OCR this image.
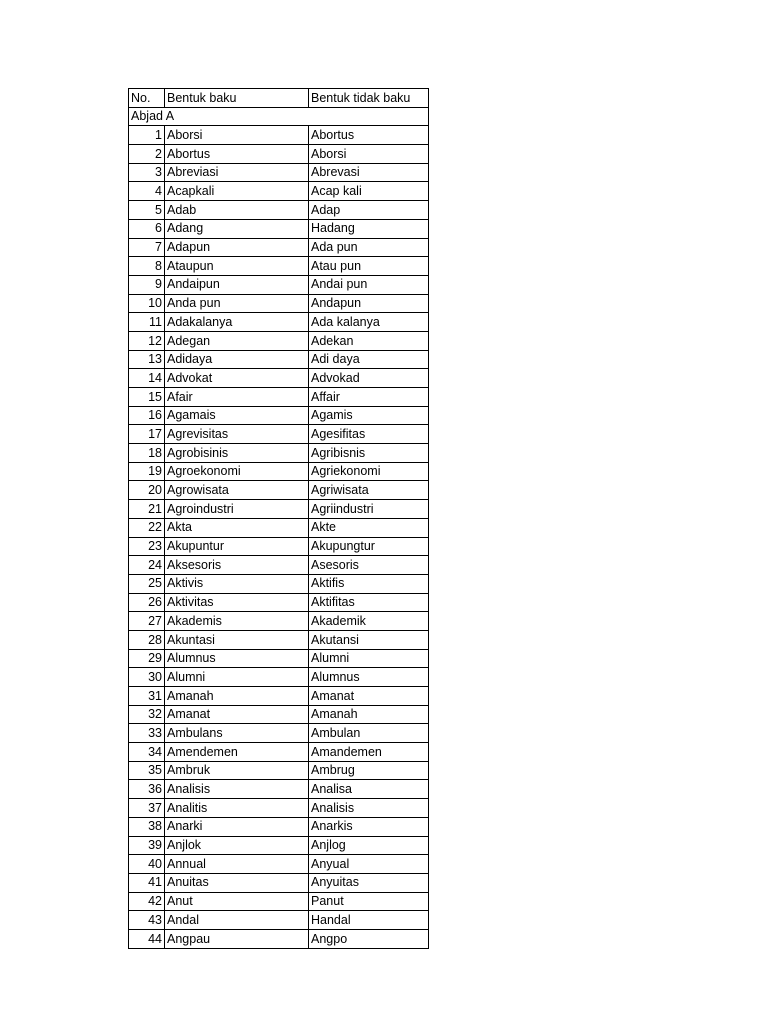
No.	Bentuk baku	Bentuk tidak baku
Abjad A		
1	Aborsi	Abortus
2	Abortus	Aborsi
3	Abreviasi	Abrevasi
4	Acapkali	Acap kali
5	Adab	Adap
6	Adang	Hadang
7	Adapun	Ada pun
8	Ataupun	Atau pun
9	Andaipun	Andai pun
10	Anda pun	Andapun
11	Adakalanya	Ada kalanya
12	Adegan	Adekan
13	Adidaya	Adi daya
14	Advokat	Advokad
15	Afair	Affair
16	Agamais	Agamis
17	Agrevisitas	Agesifitas
18	Agrobisinis	Agribisnis
19	Agroekonomi	Agriekonomi
20	Agrowisata	Agriwisata
21	Agroindustri	Agriindustri
22	Akta	Akte
23	Akupuntur	Akupungtur
24	Aksesoris	Asesoris
25	Aktivis	Aktifis
26	Aktivitas	Aktifitas
27	Akademis	Akademik
28	Akuntasi	Akutansi
29	Alumnus	Alumni
30	Alumni	Alumnus
31	Amanah	Amanat
32	Amanat	Amanah
33	Ambulans	Ambulan
34	Amendemen	Amandemen
35	Ambruk	Ambrug
36	Analisis	Analisa
37	Analitis	Analisis
38	Anarki	Anarkis
39	Anjlok	Anjlog
40	Annual	Anyual
41	Anuitas	Anyuitas
42	Anut	Panut
43	Andal	Handal
44	Angpau	Angpo
